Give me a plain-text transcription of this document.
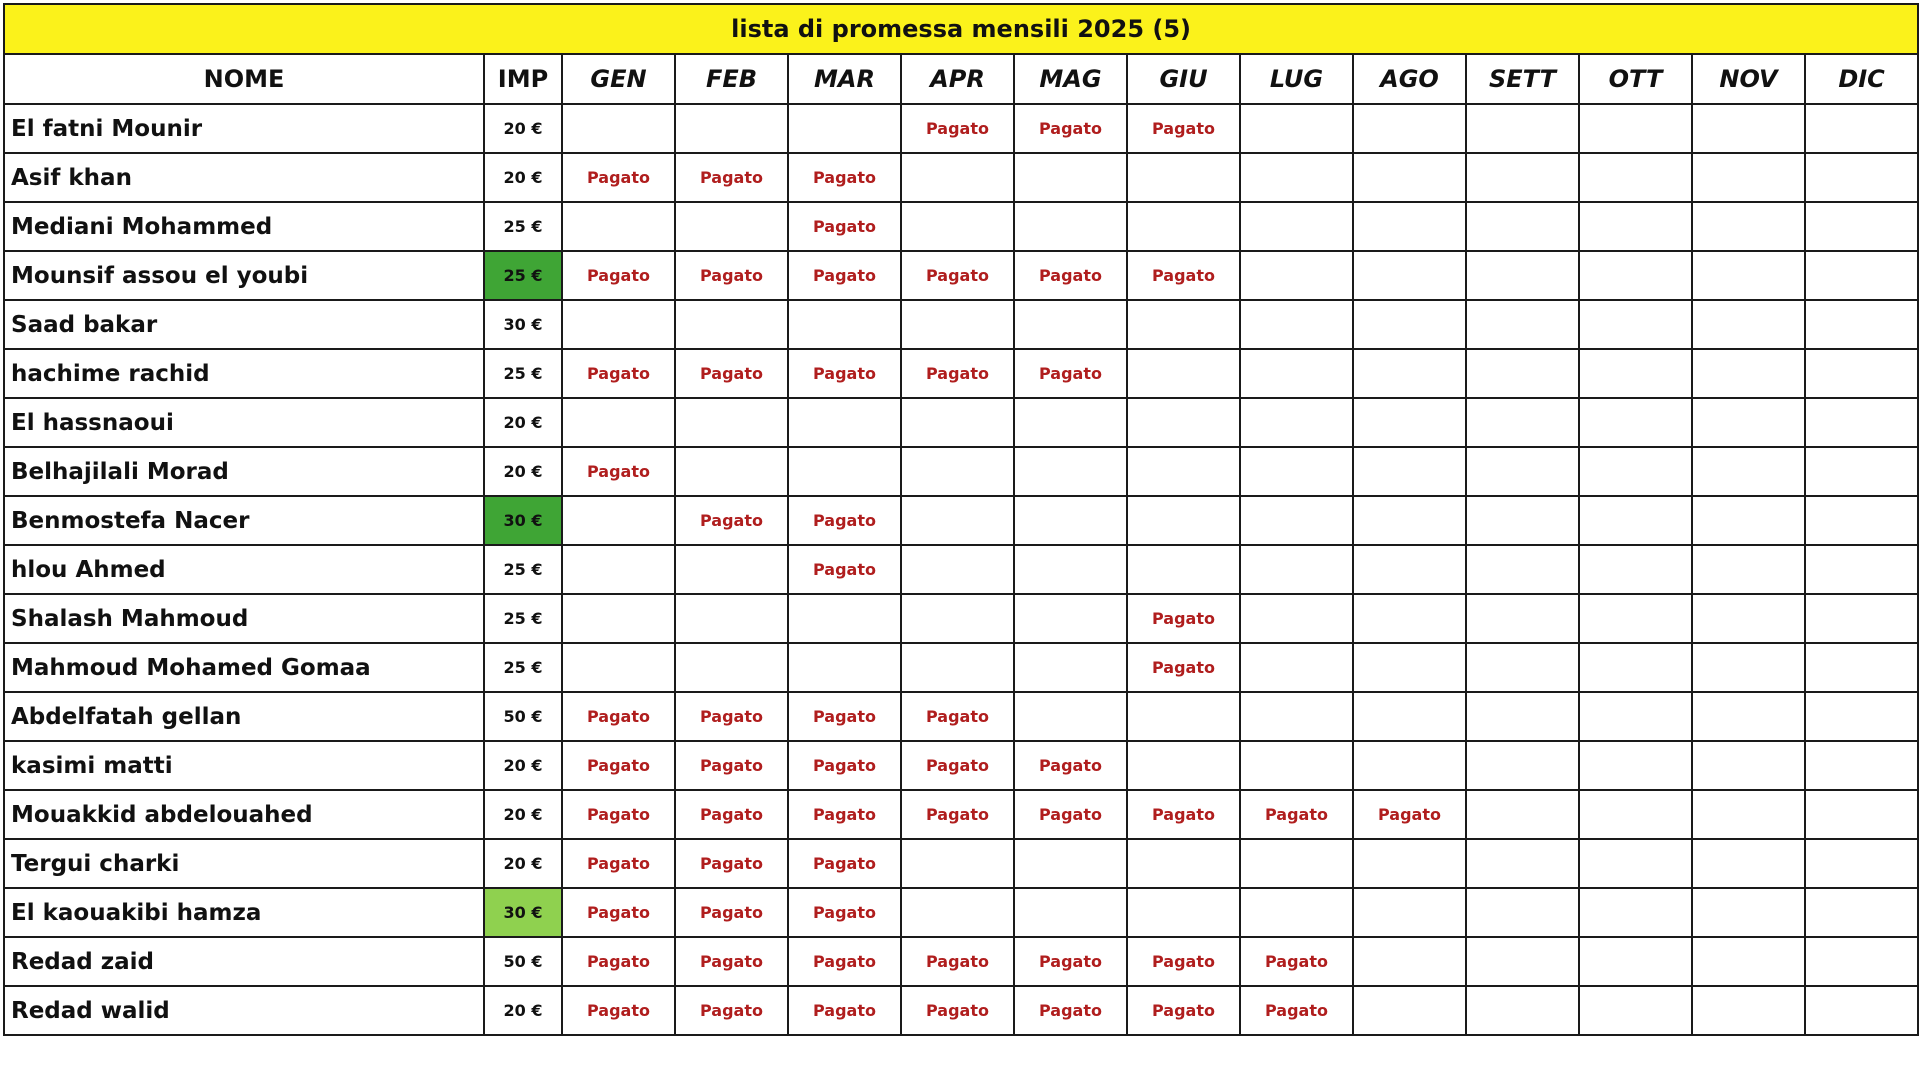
lista di promessa mensili 2025 (5)													
NOME	IMP	GEN	FEB	MAR	APR	MAG	GIU	LUG	AGO	SETT	OTT	NOV	DIC
El fatni Mounir	20 €				Pagato	Pagato	Pagato						
Asif khan	20 €	Pagato	Pagato	Pagato									
Mediani Mohammed	25 €			Pagato									
Mounsif assou el youbi	25 €	Pagato	Pagato	Pagato	Pagato	Pagato	Pagato						
Saad bakar	30 €												
hachime rachid	25 €	Pagato	Pagato	Pagato	Pagato	Pagato							
El hassnaoui	20 €												
Belhajilali Morad	20 €	Pagato											
Benmostefa Nacer	30 €		Pagato	Pagato									
hlou Ahmed	25 €			Pagato									
Shalash Mahmoud	25 €						Pagato						
Mahmoud Mohamed Gomaa	25 €						Pagato						
Abdelfatah gellan	50 €	Pagato	Pagato	Pagato	Pagato								
kasimi matti	20 €	Pagato	Pagato	Pagato	Pagato	Pagato							
Mouakkid abdelouahed	20 €	Pagato	Pagato	Pagato	Pagato	Pagato	Pagato	Pagato	Pagato				
Tergui charki	20 €	Pagato	Pagato	Pagato									
El kaouakibi hamza	30 €	Pagato	Pagato	Pagato									
Redad zaid	50 €	Pagato	Pagato	Pagato	Pagato	Pagato	Pagato	Pagato					
Redad walid	20 €	Pagato	Pagato	Pagato	Pagato	Pagato	Pagato	Pagato					
